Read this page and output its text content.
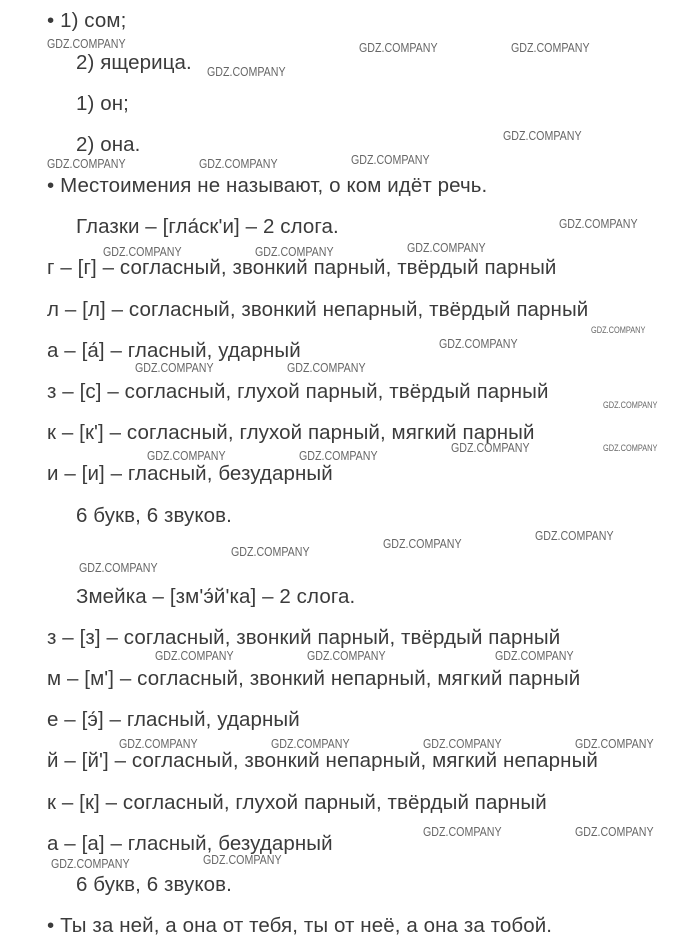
• 1) сом;
2) ящерица.
1) он;
2) она.
• Местоимения не называют, о ком идёт речь.
Глазки – [гла́ск'и] – 2 слога.
г – [г] – согласный, звонкий парный, твёрдый парный
л – [л] – согласный, звонкий непарный, твёрдый парный
а – [а́] – гласный, ударный
з – [с] – согласный, глухой парный, твёрдый парный
к – [к'] – согласный, глухой парный, мягкий парный
и – [и] – гласный, безударный
6 букв, 6 звуков.
Змейка – [зм'э́й'ка] – 2 слога.
з – [з] – согласный, звонкий парный, твёрдый парный
м – [м'] – согласный, звонкий непарный, мягкий парный
е – [э́] – гласный, ударный
й – [й'] – согласный, звонкий непарный, мягкий непарный
к – [к] – согласный, глухой парный, твёрдый парный
а – [а] – гласный, безударный
6 букв, 6 звуков.
• Ты за ней, а она от тебя, ты от неё, а она за тобой.
GDZ.COMPANY	GDZ.COMPANY	GDZ.COMPANY
GDZ.COMPANY
GDZ.COMPANY
GDZ.COMPANY
GDZ.COMPANY	GDZ.COMPANY
GDZ.COMPANY
GDZ.COMPANY
GDZ.COMPANY	GDZ.COMPANY
GDZ.COMPANY
GDZ.COMPANY
GDZ.COMPANY	GDZ.COMPANY
GDZ.COMPANY
GDZ.COMPANY
GDZ.COMPANY
GDZ.COMPANY	GDZ.COMPANY
GDZ.COMPANY
GDZ.COMPANY
GDZ.COMPANY
GDZ.COMPANY
GDZ.COMPANY	GDZ.COMPANY	GDZ.COMPANY
GDZ.COMPANY	GDZ.COMPANY	GDZ.COMPANY	GDZ.COMPANY
GDZ.COMPANY	GDZ.COMPANY
GDZ.COMPANY
GDZ.COMPANY
